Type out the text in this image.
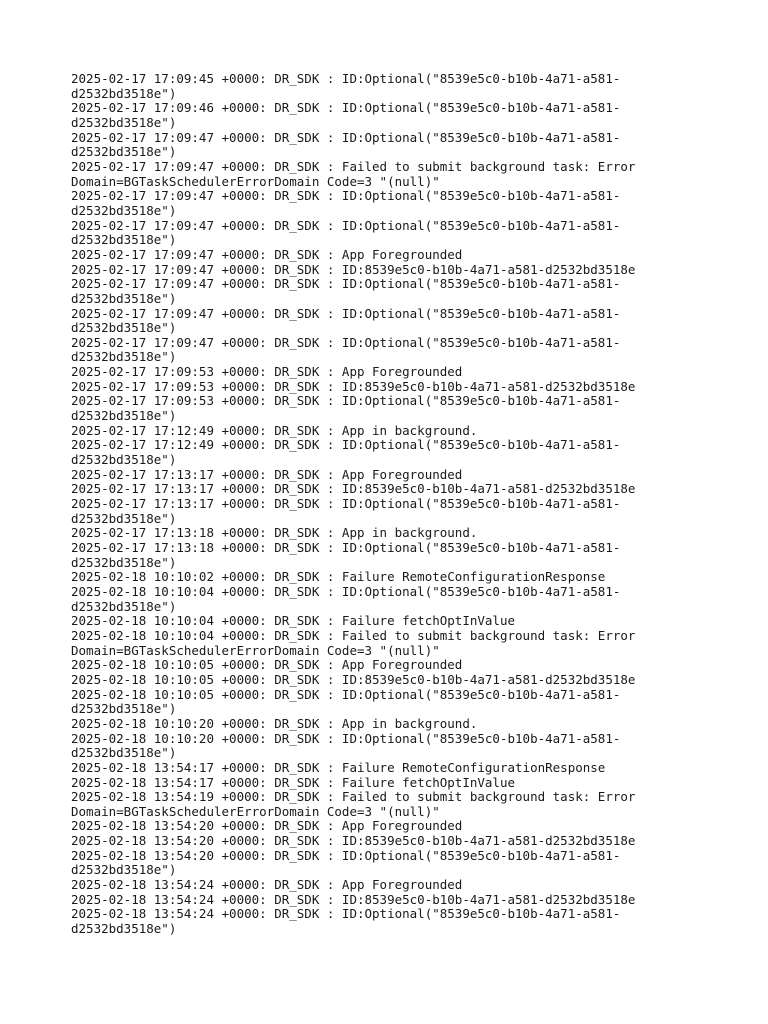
2025-02-17 17:09:45 +0000: DR_SDK : ID:Optional("8539e5c0-b10b-4a71-a581-
d2532bd3518e")
2025-02-17 17:09:46 +0000: DR_SDK : ID:Optional("8539e5c0-b10b-4a71-a581-
d2532bd3518e")
2025-02-17 17:09:47 +0000: DR_SDK : ID:Optional("8539e5c0-b10b-4a71-a581-
d2532bd3518e")
2025-02-17 17:09:47 +0000: DR_SDK : Failed to submit background task: Error
Domain=BGTaskSchedulerErrorDomain Code=3 "(null)"
2025-02-17 17:09:47 +0000: DR_SDK : ID:Optional("8539e5c0-b10b-4a71-a581-
d2532bd3518e")
2025-02-17 17:09:47 +0000: DR_SDK : ID:Optional("8539e5c0-b10b-4a71-a581-
d2532bd3518e")
2025-02-17 17:09:47 +0000: DR_SDK : App Foregrounded
2025-02-17 17:09:47 +0000: DR_SDK : ID:8539e5c0-b10b-4a71-a581-d2532bd3518e
2025-02-17 17:09:47 +0000: DR_SDK : ID:Optional("8539e5c0-b10b-4a71-a581-
d2532bd3518e")
2025-02-17 17:09:47 +0000: DR_SDK : ID:Optional("8539e5c0-b10b-4a71-a581-
d2532bd3518e")
2025-02-17 17:09:47 +0000: DR_SDK : ID:Optional("8539e5c0-b10b-4a71-a581-
d2532bd3518e")
2025-02-17 17:09:53 +0000: DR_SDK : App Foregrounded
2025-02-17 17:09:53 +0000: DR_SDK : ID:8539e5c0-b10b-4a71-a581-d2532bd3518e
2025-02-17 17:09:53 +0000: DR_SDK : ID:Optional("8539e5c0-b10b-4a71-a581-
d2532bd3518e")
2025-02-17 17:12:49 +0000: DR_SDK : App in background.
2025-02-17 17:12:49 +0000: DR_SDK : ID:Optional("8539e5c0-b10b-4a71-a581-
d2532bd3518e")
2025-02-17 17:13:17 +0000: DR_SDK : App Foregrounded
2025-02-17 17:13:17 +0000: DR_SDK : ID:8539e5c0-b10b-4a71-a581-d2532bd3518e
2025-02-17 17:13:17 +0000: DR_SDK : ID:Optional("8539e5c0-b10b-4a71-a581-
d2532bd3518e")
2025-02-17 17:13:18 +0000: DR_SDK : App in background.
2025-02-17 17:13:18 +0000: DR_SDK : ID:Optional("8539e5c0-b10b-4a71-a581-
d2532bd3518e")
2025-02-18 10:10:02 +0000: DR_SDK : Failure RemoteConfigurationResponse
2025-02-18 10:10:04 +0000: DR_SDK : ID:Optional("8539e5c0-b10b-4a71-a581-
d2532bd3518e")
2025-02-18 10:10:04 +0000: DR_SDK : Failure fetchOptInValue
2025-02-18 10:10:04 +0000: DR_SDK : Failed to submit background task: Error
Domain=BGTaskSchedulerErrorDomain Code=3 "(null)"
2025-02-18 10:10:05 +0000: DR_SDK : App Foregrounded
2025-02-18 10:10:05 +0000: DR_SDK : ID:8539e5c0-b10b-4a71-a581-d2532bd3518e
2025-02-18 10:10:05 +0000: DR_SDK : ID:Optional("8539e5c0-b10b-4a71-a581-
d2532bd3518e")
2025-02-18 10:10:20 +0000: DR_SDK : App in background.
2025-02-18 10:10:20 +0000: DR_SDK : ID:Optional("8539e5c0-b10b-4a71-a581-
d2532bd3518e")
2025-02-18 13:54:17 +0000: DR_SDK : Failure RemoteConfigurationResponse
2025-02-18 13:54:17 +0000: DR_SDK : Failure fetchOptInValue
2025-02-18 13:54:19 +0000: DR_SDK : Failed to submit background task: Error
Domain=BGTaskSchedulerErrorDomain Code=3 "(null)"
2025-02-18 13:54:20 +0000: DR_SDK : App Foregrounded
2025-02-18 13:54:20 +0000: DR_SDK : ID:8539e5c0-b10b-4a71-a581-d2532bd3518e
2025-02-18 13:54:20 +0000: DR_SDK : ID:Optional("8539e5c0-b10b-4a71-a581-
d2532bd3518e")
2025-02-18 13:54:24 +0000: DR_SDK : App Foregrounded
2025-02-18 13:54:24 +0000: DR_SDK : ID:8539e5c0-b10b-4a71-a581-d2532bd3518e
2025-02-18 13:54:24 +0000: DR_SDK : ID:Optional("8539e5c0-b10b-4a71-a581-
d2532bd3518e")
